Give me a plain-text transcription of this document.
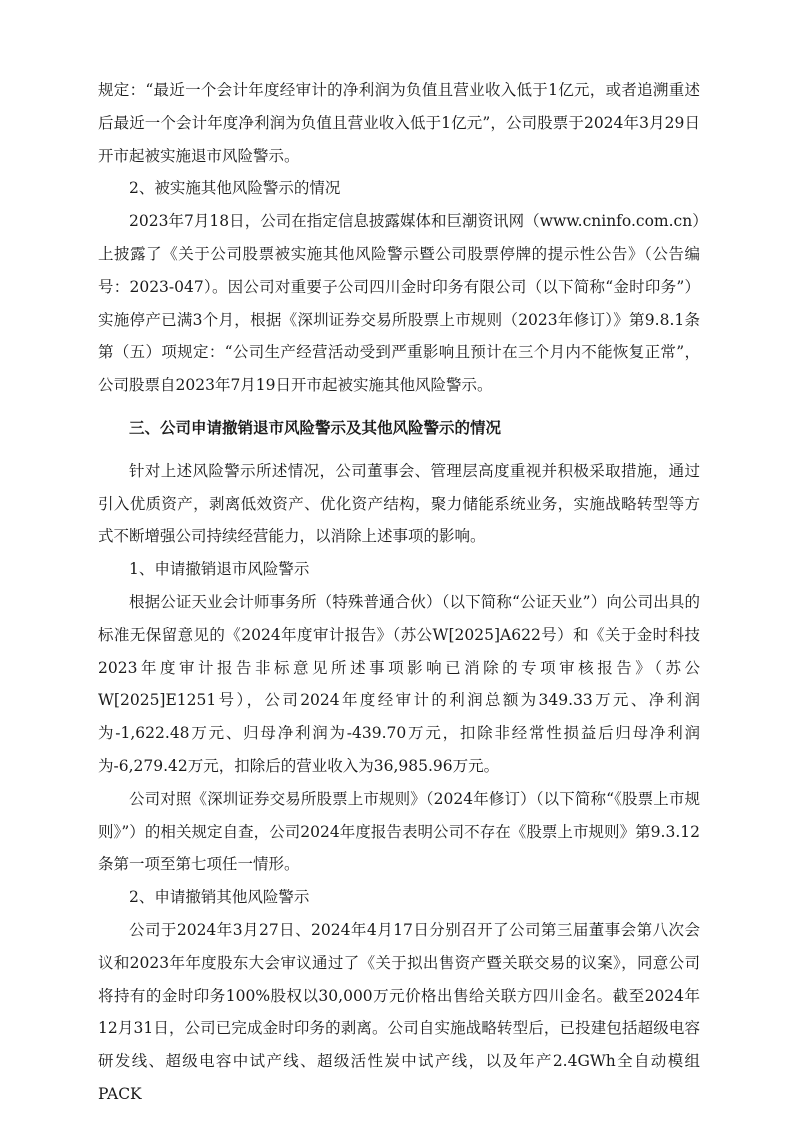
规定：“最近一个会计年度经审计的净利润为负值且营业收入低于1亿元，或者追溯重述后最近一个会计年度净利润为负值且营业收入低于1亿元”，公司股票于2024年3月29日开市起被实施退市风险警示。

2、被实施其他风险警示的情况

2023年7月18日，公司在指定信息披露媒体和巨潮资讯网（www.cninfo.com.cn）上披露了《关于公司股票被实施其他风险警示暨公司股票停牌的提示性公告》（公告编号：2023-047）。因公司对重要子公司四川金时印务有限公司（以下简称“金时印务”）实施停产已满3个月，根据《深圳证券交易所股票上市规则（2023年修订）》第9.8.1条第（五）项规定：“公司生产经营活动受到严重影响且预计在三个月内不能恢复正常”，公司股票自2023年7月19日开市起被实施其他风险警示。

三、公司申请撤销退市风险警示及其他风险警示的情况

针对上述风险警示所述情况，公司董事会、管理层高度重视并积极采取措施，通过引入优质资产，剥离低效资产、优化资产结构，聚力储能系统业务，实施战略转型等方式不断增强公司持续经营能力，以消除上述事项的影响。

1、申请撤销退市风险警示

根据公证天业会计师事务所（特殊普通合伙）（以下简称“公证天业”）向公司出具的标准无保留意见的《2024年度审计报告》（苏公W[2025]A622号）和《关于金时科技2023年度审计报告非标意见所述事项影响已消除的专项审核报告》（苏公W[2025]E1251号），公司2024年度经审计的利润总额为349.33万元、净利润为-1,622.48万元、归母净利润为-439.70万元，扣除非经常性损益后归母净利润为-6,279.42万元，扣除后的营业收入为36,985.96万元。

公司对照《深圳证券交易所股票上市规则》（2024年修订）（以下简称“《股票上市规则》”）的相关规定自查，公司2024年度报告表明公司不存在《股票上市规则》第9.3.12条第一项至第七项任一情形。

2、申请撤销其他风险警示

公司于2024年3月27日、2024年4月17日分别召开了公司第三届董事会第八次会议和2023年年度股东大会审议通过了《关于拟出售资产暨关联交易的议案》，同意公司将持有的金时印务100%股权以30,000万元价格出售给关联方四川金名。截至2024年12月31日，公司已完成金时印务的剥离。公司自实施战略转型后，已投建包括超级电容研发线、超级电容中试产线、超级活性炭中试产线，以及年产2.4GWh全自动模组PACK
